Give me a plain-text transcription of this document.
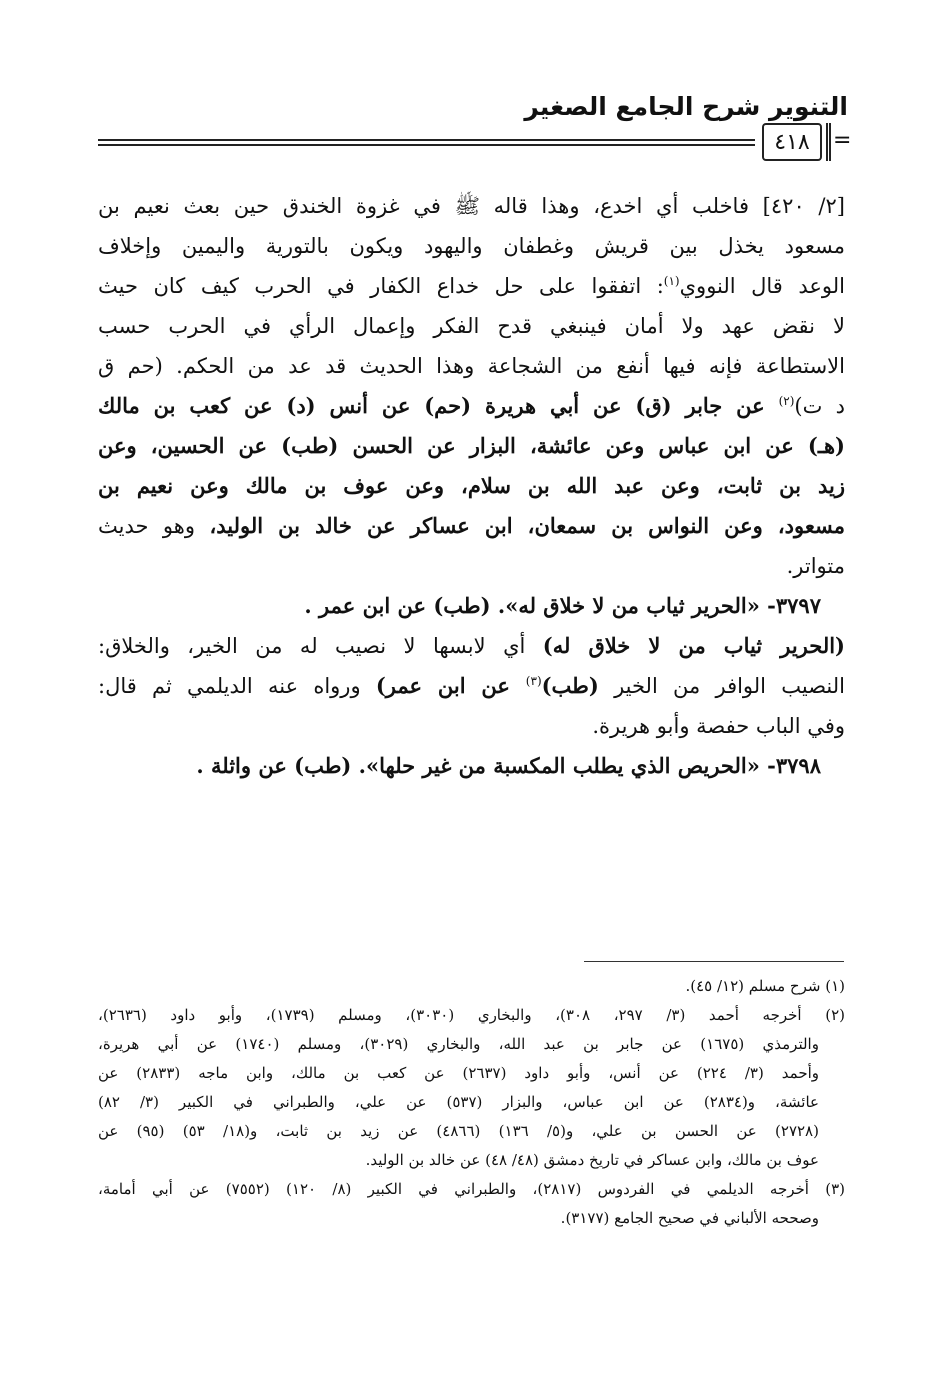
التنوير شرح الجامع الصغير
٤١٨ =
[٢/ ٤٢٠] فاخلب أي اخدع، وهذا قاله ﷺ في غزوة الخندق حين بعث نعيم بن
مسعود يخذل بين قريش وغطفان واليهود ويكون بالتورية واليمين وإخلاف
الوعد قال النووي$^{(١)}$: اتفقوا على حل خداع الكفار في الحرب كيف كان حيث
لا نقض عهد ولا أمان فينبغي قدح الفكر وإعمال الرأي في الحرب حسب
الاستطاعة فإنه فيها أنفع من الشجاعة وهذا الحديث قد عد من الحكم. (حم ق
د ت)$^{(٢)}$ عن جابر (ق) عن أبي هريرة (حم) عن أنس (د) عن كعب بن مالك
(هـ) عن ابن عباس وعن عائشة، البزار عن الحسن (طب) عن الحسين، وعن
زيد بن ثابت، وعن عبد الله بن سلام، وعن عوف بن مالك وعن نعيم بن
مسعود، وعن النواس بن سمعان، ابن عساكر عن خالد بن الوليد، وهو حديث
متواتر.
٣٧٩٧- «الحرير ثياب من لا خلاق له». (طب) عن ابن عمر .
(الحرير ثياب من لا خلاق له) أي لابسها لا نصيب له من الخير، والخلاق:
النصيب الوافر من الخير (طب)$^{(٣)}$ عن ابن عمر) ورواه عنه الديلمي ثم قال:
وفي الباب حفصة وأبو هريرة.
٣٧٩٨- «الحريص الذي يطلب المكسبة من غير حلها». (طب) عن واثلة .
(١) شرح مسلم (١٢/ ٤٥).
(٢) أخرجه أحمد (٣/ ٢٩٧، ٣٠٨)، والبخاري (٣٠٣٠)، ومسلم (١٧٣٩)، وأبو داود (٢٦٣٦)،
والترمذي (١٦٧٥) عن جابر بن عبد الله، والبخاري (٣٠٢٩)، ومسلم (١٧٤٠) عن أبي هريرة،
وأحمد (٣/ ٢٢٤) عن أنس، وأبو داود (٢٦٣٧) عن كعب بن مالك، وابن ماجه (٢٨٣٣) عن
عائشة، و(٢٨٣٤) عن ابن عباس، والبزار (٥٣٧) عن علي، والطبراني في الكبير (٣/ ٨٢)
(٢٧٢٨) عن الحسن بن علي، و(٥/ ١٣٦) (٤٨٦٦) عن زيد بن ثابت، و(١٨/ ٥٣) (٩٥) عن
عوف بن مالك، وابن عساكر في تاريخ دمشق (٤٨/ ٤٨) عن خالد بن الوليد.
(٣) أخرجه الديلمي في الفردوس (٢٨١٧)، والطبراني في الكبير (٨/ ١٢٠) (٧٥٥٢) عن أبي أمامة،
وصححه الألباني في صحيح الجامع (٣١٧٧).
